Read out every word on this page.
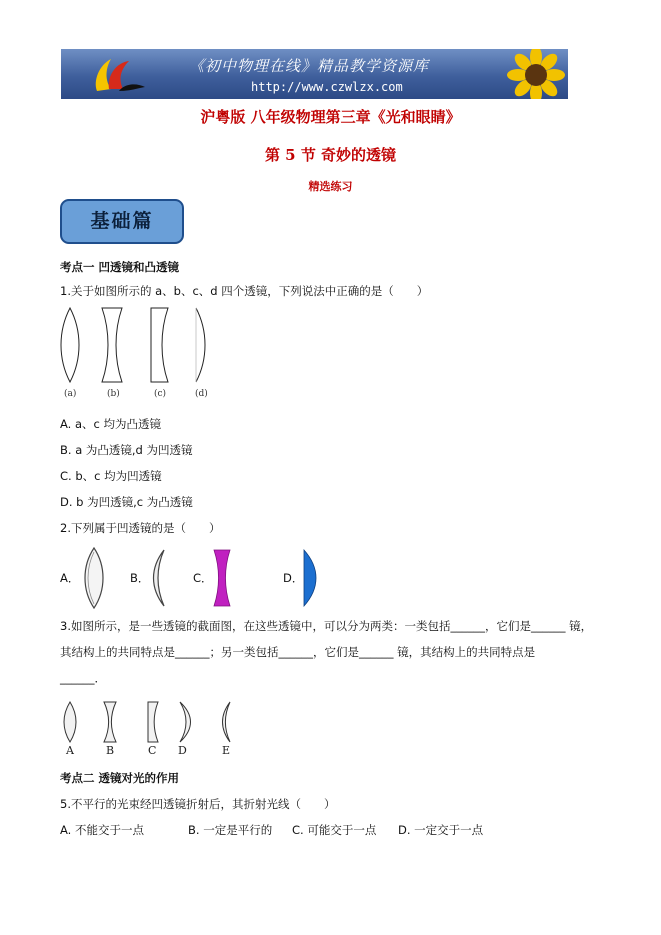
《初中物理在线》精品教学资源库
http://www.czwlzx.com
沪粤版 八年级物理第三章《光和眼睛》
第 5 节 奇妙的透镜
精选练习
基础篇
考点一 凹透镜和凸透镜
1.关于如图所示的 a、b、c、d 四个透镜，下列说法中正确的是（　　）
(a)	(b)	(c)	(d)
A. a、c 均为凸透镜
B. a 为凸透镜,d 为凹透镜
C. b、c 均为凹透镜
D. b 为凹透镜,c 为凸透镜
2.下列属于凹透镜的是（　　）
A．	B．	C．	D．
3.如图所示，是一些透镜的截面图，在这些透镜中，可以分为两类：一类包括______，它们是______ 镜，
其结构上的共同特点是______；另一类包括______，它们是______ 镜，其结构上的共同特点是
______．
A	B	C D	E
考点二 透镜对光的作用
5.不平行的光束经凹透镜折射后，其折射光线（　　）
A. 不能交于一点	B. 一定是平行的 C. 可能交于一点 D. 一定交于一点
